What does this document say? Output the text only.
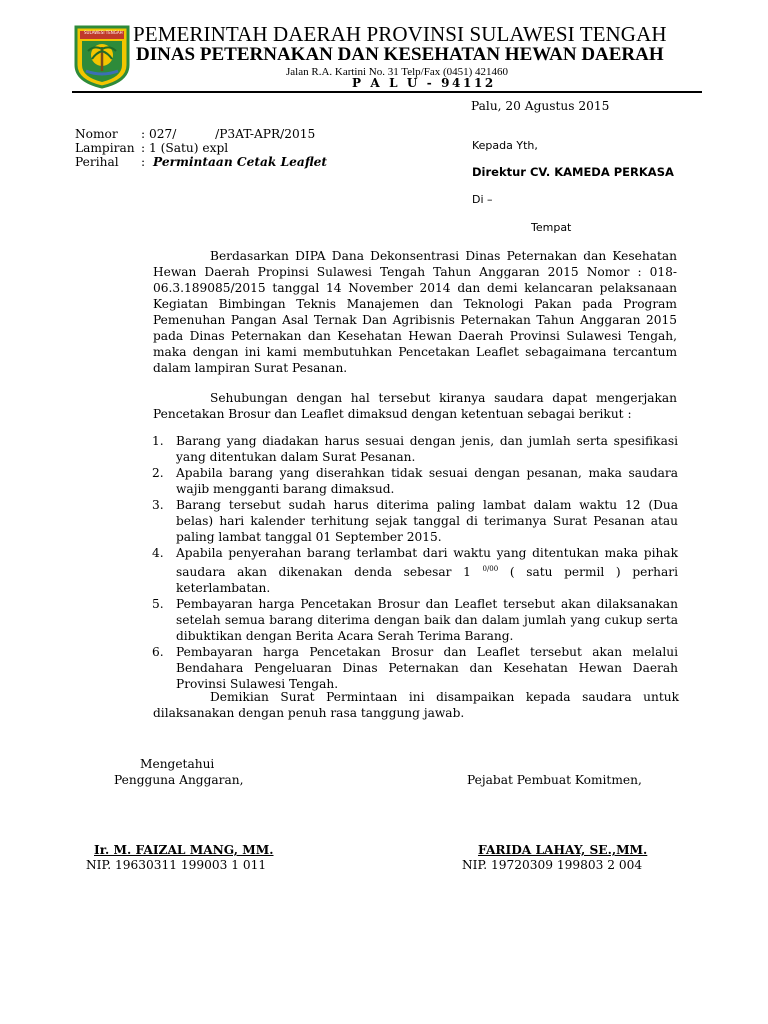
SULAWESI TENGAH PEMERINTAH DAERAH PROVINSI SULAWESI TENGAH
DINAS PETERNAKAN DAN KESEHATAN HEWAN DAERAH
Jalan R.A. Kartini No. 31 Telp/Fax (0451) 421460
P A L U - 94112
Palu, 20 Agustus 2015
Nomor : 027/          /P3AT-APR/2015
Lampiran : 1 (Satu) expl
Perihal : Permintaan Cetak Leaflet
Kepada Yth,
Direktur CV. KAMEDA PERKASA
Di –
Tempat
Berdasarkan DIPA Dana Dekonsentrasi Dinas Peternakan dan Kesehatan Hewan Daerah Propinsi Sulawesi Tengah Tahun Anggaran 2015 Nomor : 018-06.3.189085/2015 tanggal 14 November 2014 dan demi kelancaran pelaksanaan Kegiatan Bimbingan Teknis Manajemen dan Teknologi Pakan pada Program Pemenuhan Pangan Asal Ternak Dan Agribisnis Peternakan Tahun Anggaran 2015 pada Dinas Peternakan dan Kesehatan Hewan Daerah Provinsi Sulawesi Tengah, maka dengan ini kami membutuhkan Pencetakan Leaflet sebagaimana tercantum dalam lampiran Surat Pesanan.
Sehubungan dengan hal tersebut kiranya saudara dapat mengerjakan Pencetakan Brosur dan Leaflet dimaksud dengan ketentuan sebagai berikut :
1. Barang yang diadakan harus sesuai dengan jenis, dan jumlah serta spesifikasi yang ditentukan dalam Surat Pesanan.
2. Apabila barang yang diserahkan tidak sesuai dengan pesanan, maka saudara wajib mengganti barang dimaksud.
3. Barang tersebut sudah harus diterima paling lambat dalam waktu 12 (Dua belas) hari kalender terhitung sejak tanggal di terimanya Surat Pesanan atau paling lambat tanggal 01 September 2015.
4. Apabila penyerahan barang terlambat dari waktu yang ditentukan maka pihak saudara akan dikenakan denda sebesar 1 $^{0/00}$ ( satu permil ) perhari keterlambatan.
5. Pembayaran harga Pencetakan Brosur dan Leaflet tersebut akan dilaksanakan setelah semua barang diterima dengan baik dan dalam jumlah yang cukup serta dibuktikan dengan Berita Acara Serah Terima Barang.
6. Pembayaran harga Pencetakan Brosur dan Leaflet tersebut akan melalui Bendahara Pengeluaran Dinas Peternakan dan Kesehatan Hewan Daerah Provinsi Sulawesi Tengah.
Demikian Surat Permintaan ini disampaikan kepada saudara untuk dilaksanakan dengan penuh rasa tanggung jawab.
Mengetahui
Pengguna Anggaran,	Pejabat Pembuat Komitmen,
Ir. M. FAIZAL MANG, MM.
NIP. 19630311 199003 1 011
FARIDA LAHAY, SE.,MM.
NIP. 19720309 199803 2 004
